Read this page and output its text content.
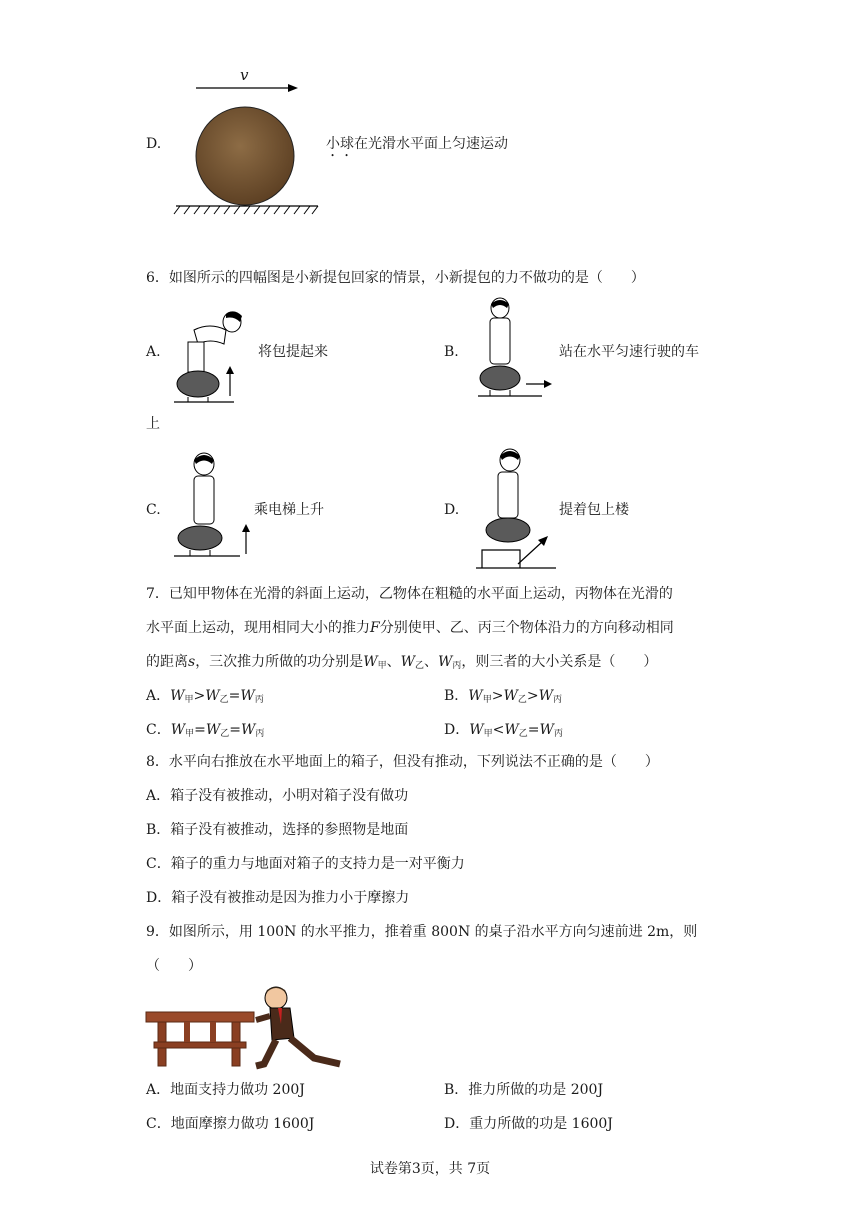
D.
v
小球在光滑水平面上匀速运动
6．如图所示的四幅图是小新提包回家的情景，小新提包的力不做功的是（　　）
A.	将包提起来	B.	站在水平匀速行驶的车
上
C.	乘电梯上升	D.	提着包上楼
7．已知甲物体在光滑的斜面上运动，乙物体在粗糙的水平面上运动，丙物体在光滑的
水平面上运动，现用相同大小的推力F分别使甲、乙、丙三个物体沿力的方向移动相同
的距离s，三次推力所做的功分别是$W_甲$、$W_乙$、$W_丙$，则三者的大小关系是（　　）
A．$W_甲>W_乙=W_丙$	B．$W_甲>W_乙>W_丙$
C．$W_甲=W_乙=W_丙$	D．$W_甲<W_乙=W_丙$
8．水平向右推放在水平地面上的箱子，但没有推动，下列说法不正确的是（　　）
A．箱子没有被推动，小明对箱子没有做功
B．箱子没有被推动，选择的参照物是地面
C．箱子的重力与地面对箱子的支持力是一对平衡力
D．箱子没有被推动是因为推力小于摩擦力
9．如图所示，用 100N 的水平推力，推着重 800N 的桌子沿水平方向匀速前进 2m，则
（　　）
A．地面支持力做功 200J	B．推力所做的功是 200J
C．地面摩擦力做功 1600J	D．重力所做的功是 1600J
试卷第3页，共 7页
